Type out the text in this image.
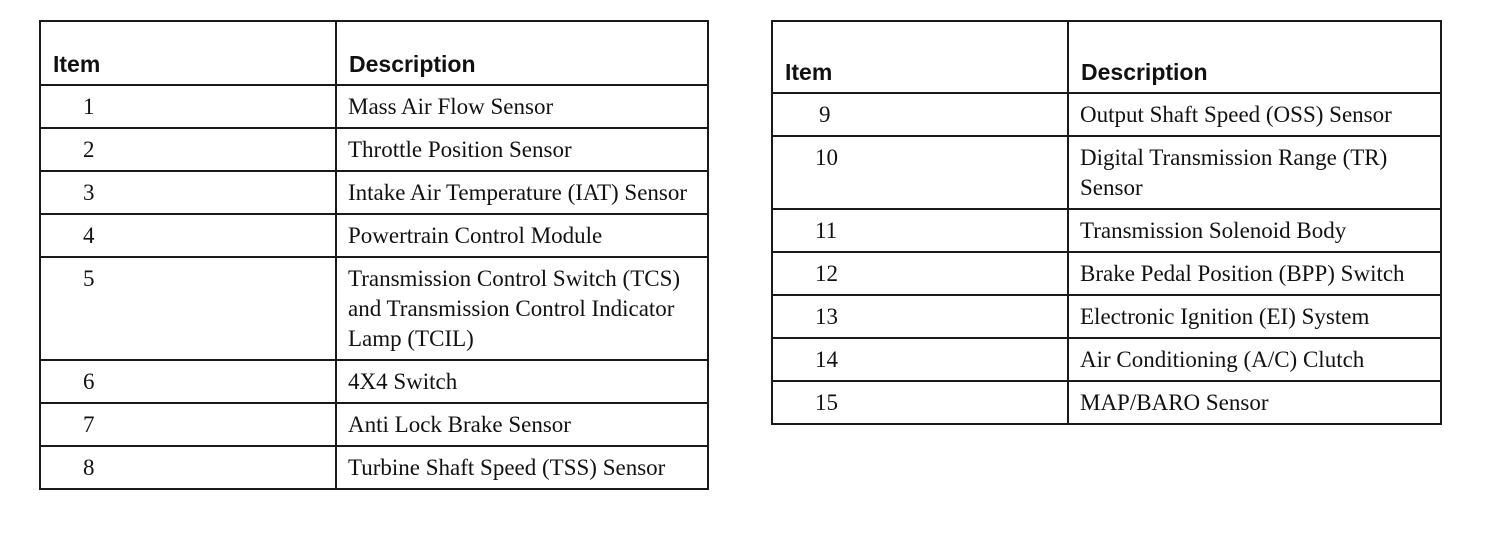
Item	Description
1	Mass Air Flow Sensor
2	Throttle Position Sensor
3	Intake Air Temperature (IAT) Sensor
4	Powertrain Control Module
5	Transmission Control Switch (TCS) and Transmission Control Indicator Lamp (TCIL)
6	4X4 Switch
7	Anti Lock Brake Sensor
8	Turbine Shaft Speed (TSS) Sensor
Item	Description
9	Output Shaft Speed (OSS) Sensor
10	Digital Transmission Range (TR) Sensor
11	Transmission Solenoid Body
12	Brake Pedal Position (BPP) Switch
13	Electronic Ignition (EI) System
14	Air Conditioning (A/C) Clutch
15	MAP/BARO Sensor
